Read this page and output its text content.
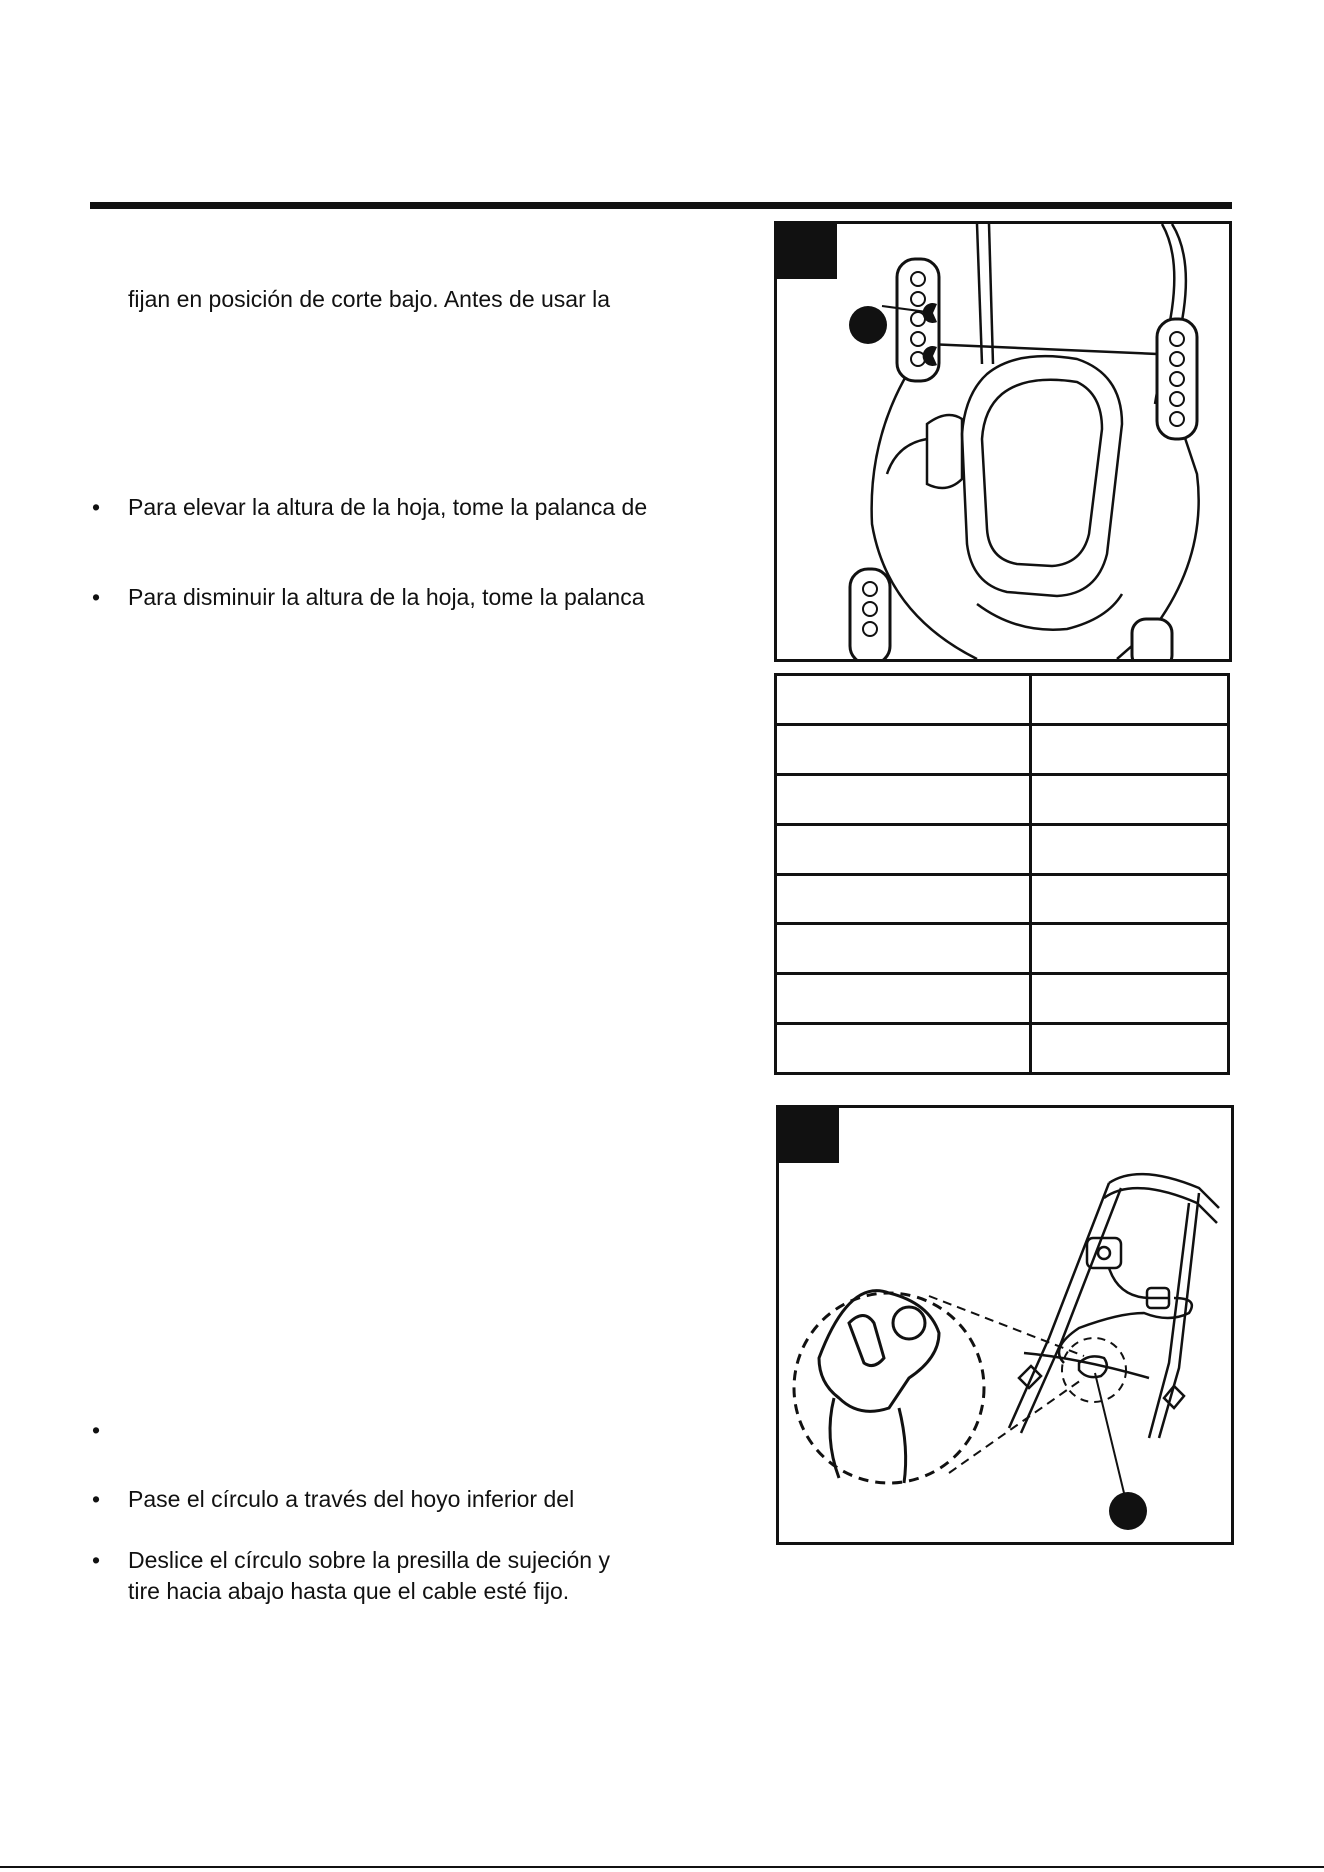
fijan en posición de corte bajo. Antes de usar la

•	Para elevar la altura de la hoja, tome la palanca de
•	Para disminuir la altura de la hoja, tome la palanca
•
•	Pase el círculo a través del hoyo inferior del
•	Deslice el círculo sobre la presilla de sujeción y

tire hacia abajo hasta que el cable esté fijo.
